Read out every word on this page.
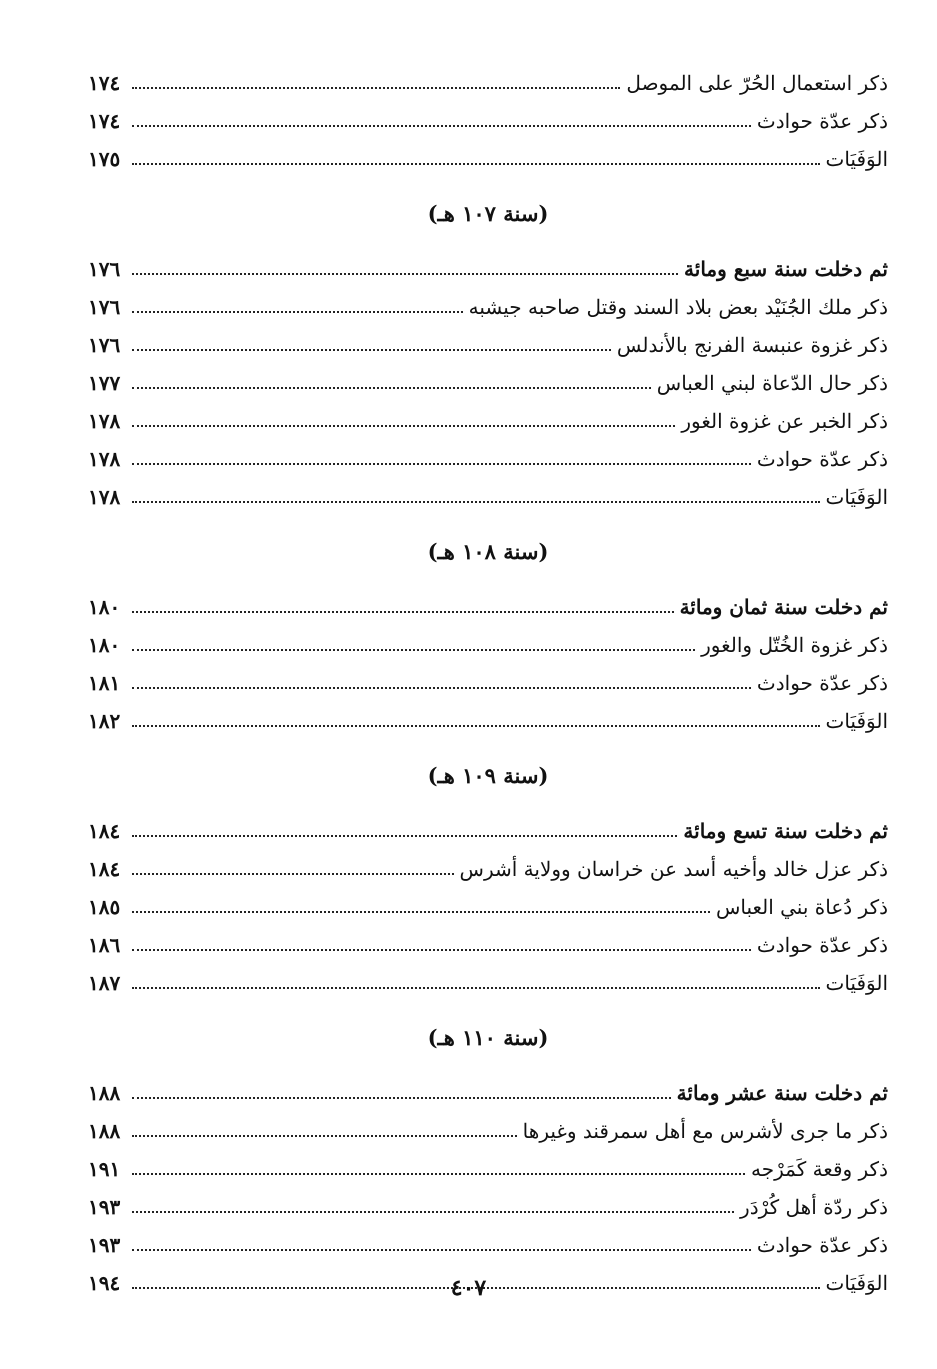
ذكر استعمال الحُرّ على الموصل
١٧٤
ذكر عدّة حوادث
١٧٤
الوَفَيَات
١٧٥
(سنة ١٠٧ هـ)
ثم دخلت سنة سبع ومائة
١٧٦
ذكر ملك الجُنَيْد بعض بلاد السند وقتل صاحبه جيشبه
١٧٦
ذكر غزوة عنبسة الفرنج بالأندلس
١٧٦
ذكر حال الدّعاة لبني العباس
١٧٧
ذكر الخبر عن غزوة الغور
١٧٨
ذكر عدّة حوادث
١٧٨
الوَفَيَات
١٧٨
(سنة ١٠٨ هـ)
ثم دخلت سنة ثمان ومائة
١٨٠
ذكر غزوة الخُتّل والغور
١٨٠
ذكر عدّة حوادث
١٨١
الوَفَيَات
١٨٢
(سنة ١٠٩ هـ)
ثم دخلت سنة تسع ومائة
١٨٤
ذكر عزل خالد وأخيه أسد عن خراسان وولاية أشرس
١٨٤
ذكر دُعاة بني العباس
١٨٥
ذكر عدّة حوادث
١٨٦
الوَفَيَات
١٨٧
(سنة ١١٠ هـ)
ثم دخلت سنة عشر ومائة
١٨٨
ذكر ما جرى لأشرس مع أهل سمرقند وغيرها
١٨٨
ذكر وقعة كَمَرْجه
١٩١
ذكر ردّة أهل كُرْدَر
١٩٣
ذكر عدّة حوادث
١٩٣
الوَفَيَات
١٩٤	٤٠٧
